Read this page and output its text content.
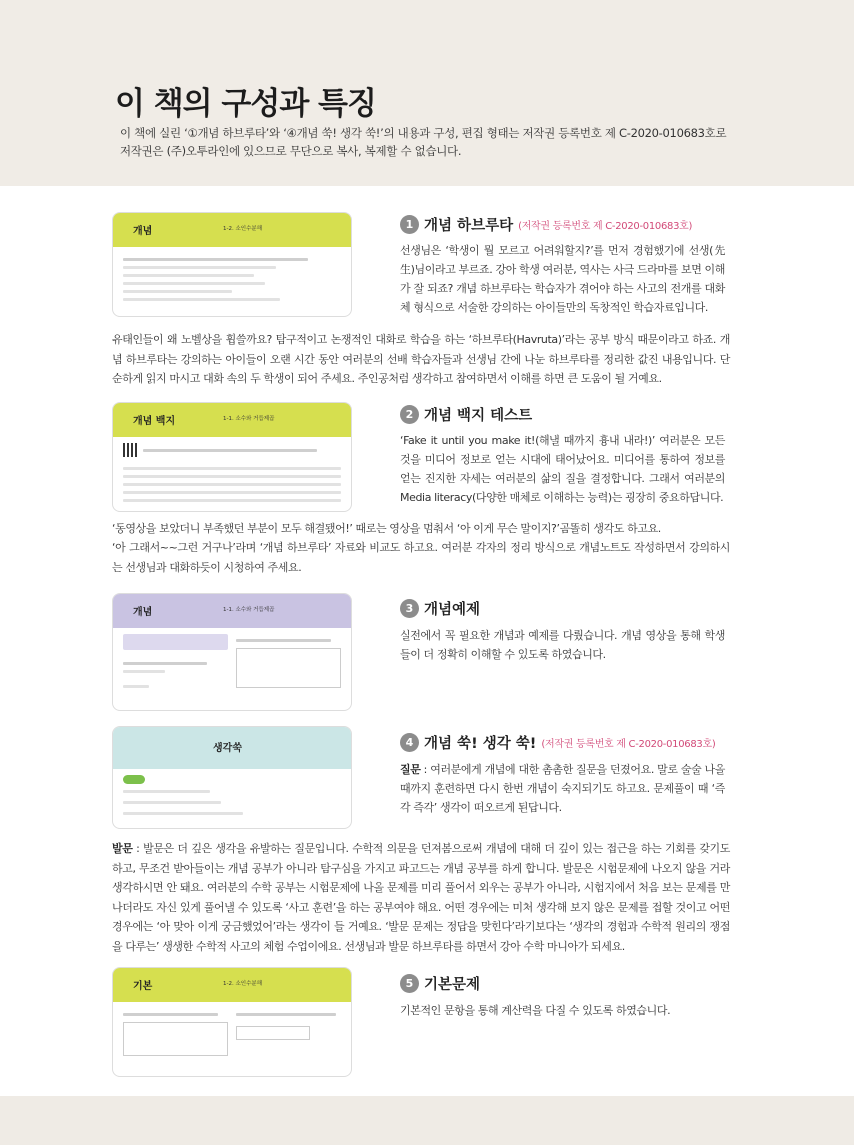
이 책의 구성과 특징
이 책에 실린 ‘①개념 하브루타’와 ‘④개념 쑥! 생각 쑥!’의 내용과 구성, 편집 형태는 저작권 등록번호 제 C-2020-010683호로 저작권은 (주)오투라인에 있으므로 무단으로 복사, 복제할 수 없습니다.
개념	1-2. 소인수분해	1 개념 하브루타 (저작권 등록번호 제 C-2020-010683호)
선생님은 ‘학생이 뭘 모르고 어려워할지?’를 먼저 경험했기에 선생(先生)님이라고 부르죠. 강아 학생 여러분, 역사는 사극 드라마를 보면 이해가 잘 되죠? 개념 하브루타는 학습자가 겪어야 하는 사고의 전개를 대화체 형식으로 서술한 강의하는 아이들만의 독창적인 학습자료입니다.
유태인들이 왜 노벨상을 휩쓸까요? 탐구적이고 논쟁적인 대화로 학습을 하는 ‘하브루타(Havruta)’라는 공부 방식 때문이라고 하죠. 개념 하브루타는 강의하는 아이들이 오랜 시간 동안 여러분의 선배 학습자들과 선생님 간에 나눈 하브루타를 정리한 값진 내용입니다. 단순하게 읽지 마시고 대화 속의 두 학생이 되어 주세요. 주인공처럼 생각하고 참여하면서 이해를 하면 큰 도움이 될 거예요.
개념 백지	1-1. 소수와 거듭제곱	2 개념 백지 테스트
‘Fake it until you make it!(해낼 때까지 흉내 내라!)’ 여러분은 모든 것을 미디어 정보로 얻는 시대에 태어났어요. 미디어를 통하여 정보를 얻는 진지한 자세는 여러분의 삶의 질을 결정합니다. 그래서 여러분의 Media literacy(다양한 매체로 이해하는 능력)는 굉장히 중요하답니다.
‘동영상을 보았더니 부족했던 부분이 모두 해결됐어!’ 때로는 영상을 멈춰서 ‘아 이게 무슨 말이지?’곰똘히 생각도 하고요.
‘아 그래서~~그런 거구나’라며 ‘개념 하브루타’ 자료와 비교도 하고요. 여러분 각자의 정리 방식으로 개념노트도 작성하면서 강의하시는 선생님과 대화하듯이 시청하여 주세요.
개념	1-1. 소수와 거듭제곱	3 개념예제
실전에서 꼭 필요한 개념과 예제를 다뤘습니다. 개념 영상을 통해 학생들이 더 정확히 이해할 수 있도록 하였습니다.
생각쑥	4 개념 쑥! 생각 쑥! (저작권 등록번호 제 C-2020-010683호)
질문 : 여러분에게 개념에 대한 촘촘한 질문을 던졌어요. 말로 술술 나올 때까지 훈련하면 다시 한번 개념이 숙지되기도 하고요. 문제풀이 때 ‘즉각 즉각’ 생각이 떠오르게 된답니다.
발문 : 발문은 더 깊은 생각을 유발하는 질문입니다. 수학적 의문을 던져봄으로써 개념에 대해 더 깊이 있는 접근을 하는 기회를 갖기도 하고, 무조건 받아들이는 개념 공부가 아니라 탐구심을 가지고 파고드는 개념 공부를 하게 합니다. 발문은 시험문제에 나오지 않을 거라 생각하시면 안 돼요. 여러분의 수학 공부는 시험문제에 나올 문제를 미리 풀어서 외우는 공부가 아니라, 시험지에서 처음 보는 문제를 만나더라도 자신 있게 풀어낼 수 있도록 ‘사고 훈련’을 하는 공부여야 해요. 어떤 경우에는 미처 생각해 보지 않은 문제를 접할 것이고 어떤 경우에는 ‘아 맞아 이게 궁금했었어’라는 생각이 들 거예요. ‘발문 문제는 정답을 맞힌다’라기보다는 ‘생각의 경험과 수학적 원리의 쟁점을 다루는’ 생생한 수학적 사고의 체험 수업이에요. 선생님과 발문 하브루타를 하면서 강아 수학 마니아가 되세요.
기본	1-2. 소인수분해	5 기본문제
기본적인 문항을 통해 계산력을 다질 수 있도록 하였습니다.
